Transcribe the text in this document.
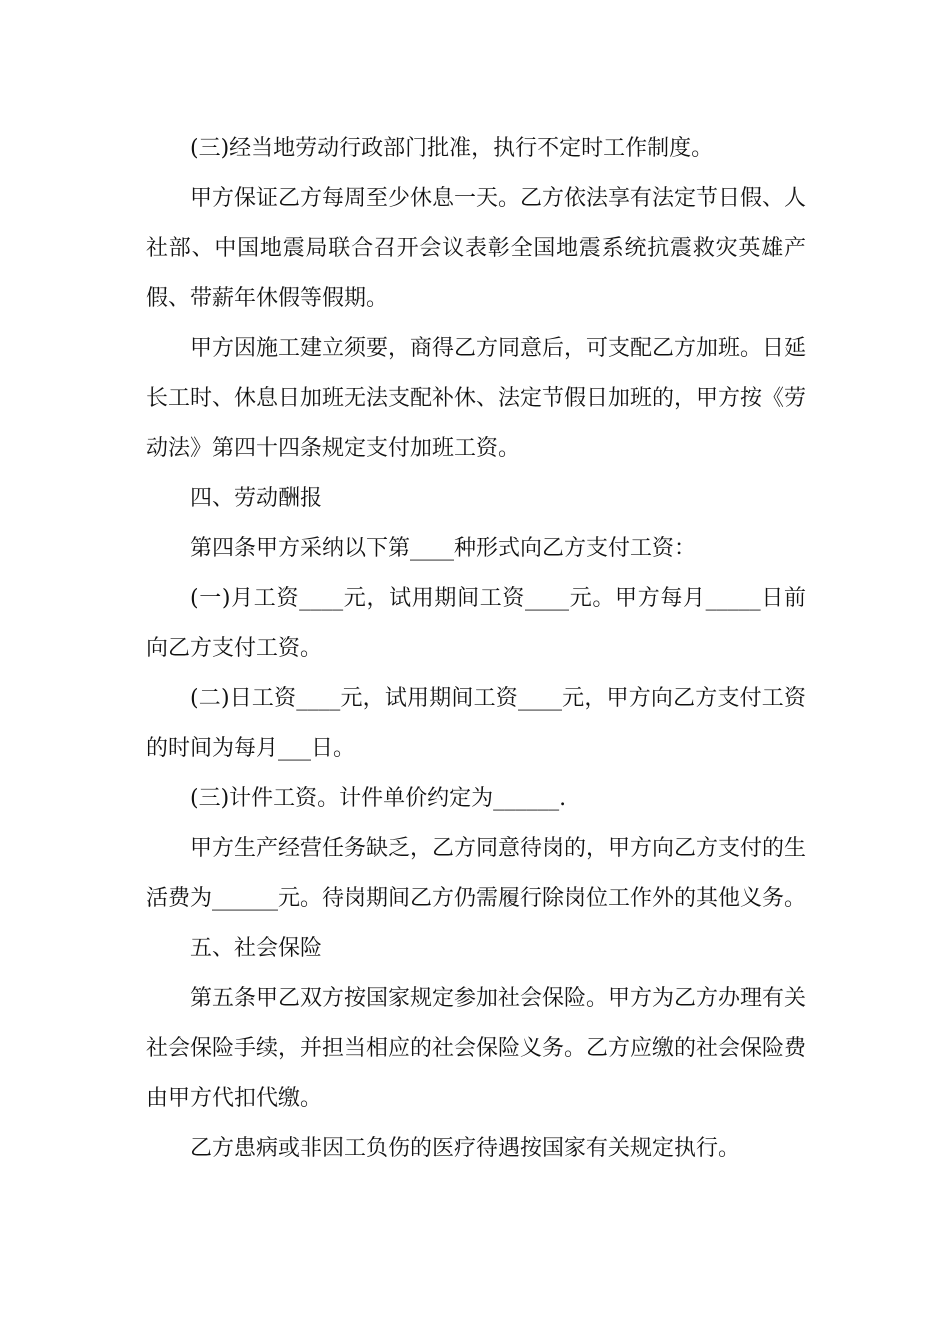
(三)经当地劳动行政部门批准，执行不定时工作制度。

甲方保证乙方每周至少休息一天。乙方依法享有法定节日假、人社部、中国地震局联合召开会议表彰全国地震系统抗震救灾英雄产假、带薪年休假等假期。

甲方因施工建立须要，商得乙方同意后，可支配乙方加班。日延长工时、休息日加班无法支配补休、法定节假日加班的，甲方按《劳动法》第四十四条规定支付加班工资。

四、劳动酬报

第四条甲方采纳以下第____种形式向乙方支付工资：

(一)月工资____元，试用期间工资____元。甲方每月_____日前向乙方支付工资。

(二)日工资____元，试用期间工资____元，甲方向乙方支付工资的时间为每月___日。

(三)计件工资。计件单价约定为______.

甲方生产经营任务缺乏，乙方同意待岗的，甲方向乙方支付的生活费为______元。待岗期间乙方仍需履行除岗位工作外的其他义务。

五、社会保险

第五条甲乙双方按国家规定参加社会保险。甲方为乙方办理有关社会保险手续，并担当相应的社会保险义务。乙方应缴的社会保险费由甲方代扣代缴。

乙方患病或非因工负伤的医疗待遇按国家有关规定执行。
